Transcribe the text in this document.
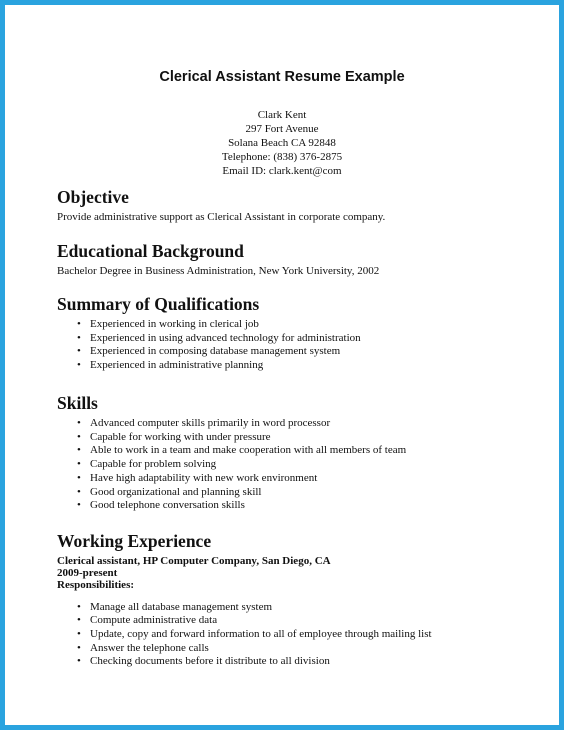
Clerical Assistant Resume Example
Clark Kent
297 Fort Avenue
Solana Beach CA 92848
Telephone: (838) 376-2875
Email ID: clark.kent@com
Objective
Provide administrative support as Clerical Assistant in corporate company.
Educational Background
Bachelor Degree in Business Administration, New York University, 2002
Summary of Qualifications
• Experienced in working in clerical job
• Experienced in using advanced technology for administration
• Experienced in composing database management system
• Experienced in administrative planning
Skills
• Advanced computer skills primarily in word processor
• Capable for working with under pressure
• Able to work in a team and make cooperation with all members of team
• Capable for problem solving
• Have high adaptability with new work environment
• Good organizational and planning skill
• Good telephone conversation skills
Working Experience
Clerical assistant, HP Computer Company, San Diego, CA
2009-present
Responsibilities:
• Manage all database management system
• Compute administrative data
• Update, copy and forward information to all of employee through mailing list
• Answer the telephone calls
• Checking documents before it distribute to all division
